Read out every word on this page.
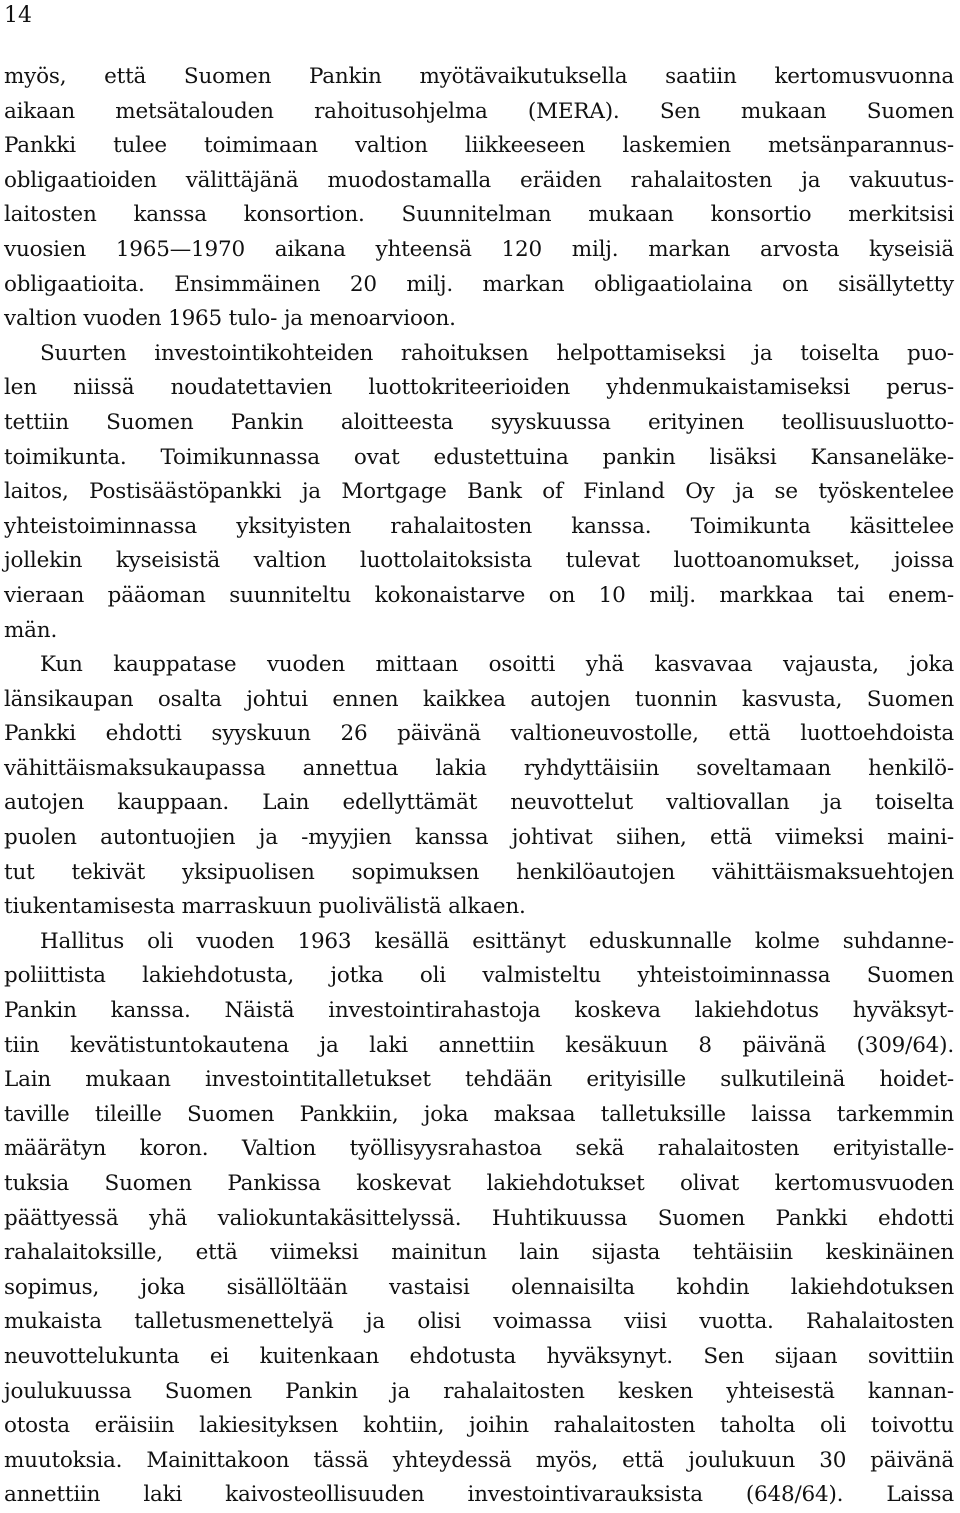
14
myös, että Suomen Pankin myötävaikutuksella saatiin kertomusvuonna
aikaan metsätalouden rahoitusohjelma (MERA). Sen mukaan Suomen
Pankki tulee toimimaan valtion liikkeeseen laskemien metsänparannus-
obligaatioiden välittäjänä muodostamalla eräiden rahalaitosten ja vakuutus-
laitosten kanssa konsortion. Suunnitelman mukaan konsortio merkitsisi
vuosien 1965—1970 aikana yhteensä 120 milj. markan arvosta kyseisiä
obligaatioita. Ensimmäinen 20 milj. markan obligaatiolaina on sisällytetty
valtion vuoden 1965 tulo- ja menoarvioon.
Suurten investointikohteiden rahoituksen helpottamiseksi ja toiselta puo-
len niissä noudatettavien luottokriteerioiden yhdenmukaistamiseksi perus-
tettiin Suomen Pankin aloitteesta syyskuussa erityinen teollisuusluotto-
toimikunta. Toimikunnassa ovat edustettuina pankin lisäksi Kansaneläke-
laitos, Postisäästöpankki ja Mortgage Bank of Finland Oy ja se työskentelee
yhteistoiminnassa yksityisten rahalaitosten kanssa. Toimikunta käsittelee
jollekin kyseisistä valtion luottolaitoksista tulevat luottoanomukset, joissa
vieraan pääoman suunniteltu kokonaistarve on 10 milj. markkaa tai enem-
män.
Kun kauppatase vuoden mittaan osoitti yhä kasvavaa vajausta, joka
länsikaupan osalta johtui ennen kaikkea autojen tuonnin kasvusta, Suomen
Pankki ehdotti syyskuun 26 päivänä valtioneuvostolle, että luottoehdoista
vähittäismaksukaupassa annettua lakia ryhdyttäisiin soveltamaan henkilö-
autojen kauppaan. Lain edellyttämät neuvottelut valtiovallan ja toiselta
puolen autontuojien ja -myyjien kanssa johtivat siihen, että viimeksi maini-
tut tekivät yksipuolisen sopimuksen henkilöautojen vähittäismaksuehtojen
tiukentamisesta marraskuun puolivälistä alkaen.
Hallitus oli vuoden 1963 kesällä esittänyt eduskunnalle kolme suhdanne-
poliittista lakiehdotusta, jotka oli valmisteltu yhteistoiminnassa Suomen
Pankin kanssa. Näistä investointirahastoja koskeva lakiehdotus hyväksyt-
tiin kevätistuntokautena ja laki annettiin kesäkuun 8 päivänä (309/64).
Lain mukaan investointitalletukset tehdään erityisille sulkutileinä hoidet-
taville tileille Suomen Pankkiin, joka maksaa talletuksille laissa tarkemmin
määrätyn koron. Valtion työllisyysrahastoa sekä rahalaitosten erityistalle-
tuksia Suomen Pankissa koskevat lakiehdotukset olivat kertomusvuoden
päättyessä yhä valiokuntakäsittelyssä. Huhtikuussa Suomen Pankki ehdotti
rahalaitoksille, että viimeksi mainitun lain sijasta tehtäisiin keskinäinen
sopimus, joka sisällöltään vastaisi olennaisilta kohdin lakiehdotuksen
mukaista talletusmenettelyä ja olisi voimassa viisi vuotta. Rahalaitosten
neuvottelukunta ei kuitenkaan ehdotusta hyväksynyt. Sen sijaan sovittiin
joulukuussa Suomen Pankin ja rahalaitosten kesken yhteisestä kannan-
otosta eräisiin lakiesityksen kohtiin, joihin rahalaitosten taholta oli toivottu
muutoksia. Mainittakoon tässä yhteydessä myös, että joulukuun 30 päivänä
annettiin laki kaivosteollisuuden investointivarauksista (648/64). Laissa
